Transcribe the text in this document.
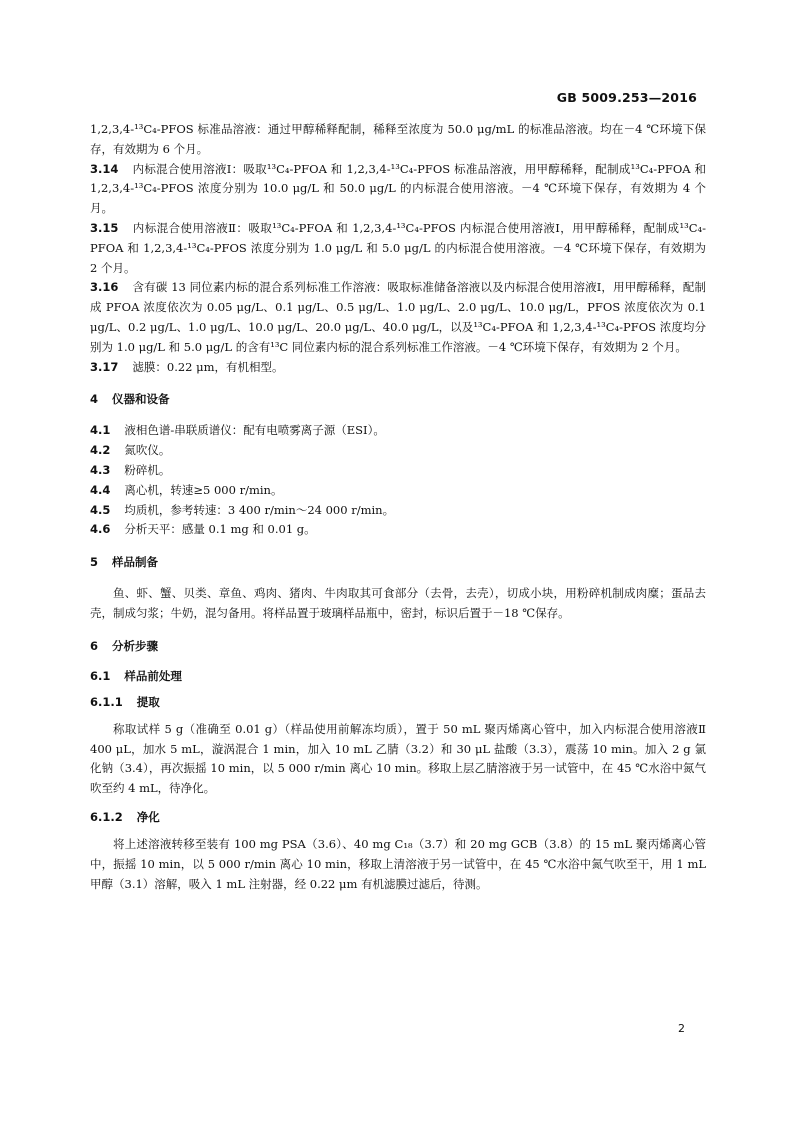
GB 5009.253—2016

1,2,3,4-¹³C₄-PFOS 标准品溶液：通过甲醇稀释配制，稀释至浓度为 50.0 μg/mL 的标准品溶液。均在－4 ℃环境下保存，有效期为 6 个月。

3.14 内标混合使用溶液Ⅰ：吸取¹³C₄-PFOA 和 1,2,3,4-¹³C₄-PFOS 标准品溶液，用甲醇稀释，配制成¹³C₄-PFOA 和 1,2,3,4-¹³C₄-PFOS 浓度分别为 10.0 μg/L 和 50.0 μg/L 的内标混合使用溶液。－4 ℃环境下保存，有效期为 4 个月。

3.15 内标混合使用溶液Ⅱ：吸取¹³C₄-PFOA 和 1,2,3,4-¹³C₄-PFOS 内标混合使用溶液Ⅰ，用甲醇稀释，配制成¹³C₄-PFOA 和 1,2,3,4-¹³C₄-PFOS 浓度分别为 1.0 μg/L 和 5.0 μg/L 的内标混合使用溶液。－4 ℃环境下保存，有效期为 2 个月。

3.16 含有碳 13 同位素内标的混合系列标准工作溶液：吸取标准储备溶液以及内标混合使用溶液Ⅰ，用甲醇稀释，配制成 PFOA 浓度依次为 0.05 μg/L、0.1 μg/L、0.5 μg/L、1.0 μg/L、2.0 μg/L、10.0 μg/L，PFOS 浓度依次为 0.1 μg/L、0.2 μg/L、1.0 μg/L、10.0 μg/L、20.0 μg/L、40.0 μg/L，以及¹³C₄-PFOA 和 1,2,3,4-¹³C₄-PFOS 浓度均分别为 1.0 μg/L 和 5.0 μg/L 的含有¹³C 同位素内标的混合系列标准工作溶液。－4 ℃环境下保存，有效期为 2 个月。

3.17 滤膜：0.22 μm，有机相型。

4 仪器和设备

4.1 液相色谱-串联质谱仪：配有电喷雾离子源（ESI）。

4.2 氮吹仪。

4.3 粉碎机。

4.4 离心机，转速≥5 000 r/min。

4.5 均质机，参考转速：3 400 r/min～24 000 r/min。

4.6 分析天平：感量 0.1 mg 和 0.01 g。

5 样品制备

鱼、虾、蟹、贝类、章鱼、鸡肉、猪肉、牛肉取其可食部分（去骨，去壳），切成小块，用粉碎机制成肉糜；蛋品去壳，制成匀浆；牛奶，混匀备用。将样品置于玻璃样品瓶中，密封，标识后置于－18 ℃保存。

6 分析步骤

6.1 样品前处理

6.1.1 提取

称取试样 5 g（准确至 0.01 g）（样品使用前解冻均质），置于 50 mL 聚丙烯离心管中，加入内标混合使用溶液Ⅱ 400 μL，加水 5 mL，漩涡混合 1 min，加入 10 mL 乙腈（3.2）和 30 μL 盐酸（3.3），震荡 10 min。加入 2 g 氯化钠（3.4），再次振摇 10 min，以 5 000 r/min 离心 10 min。移取上层乙腈溶液于另一试管中，在 45 ℃水浴中氮气吹至约 4 mL，待净化。

6.1.2 净化

将上述溶液转移至装有 100 mg PSA（3.6）、40 mg C₁₈（3.7）和 20 mg GCB（3.8）的 15 mL 聚丙烯离心管中，振摇 10 min，以 5 000 r/min 离心 10 min，移取上清溶液于另一试管中，在 45 ℃水浴中氮气吹至干，用 1 mL 甲醇（3.1）溶解，吸入 1 mL 注射器，经 0.22 μm 有机滤膜过滤后，待测。

2
